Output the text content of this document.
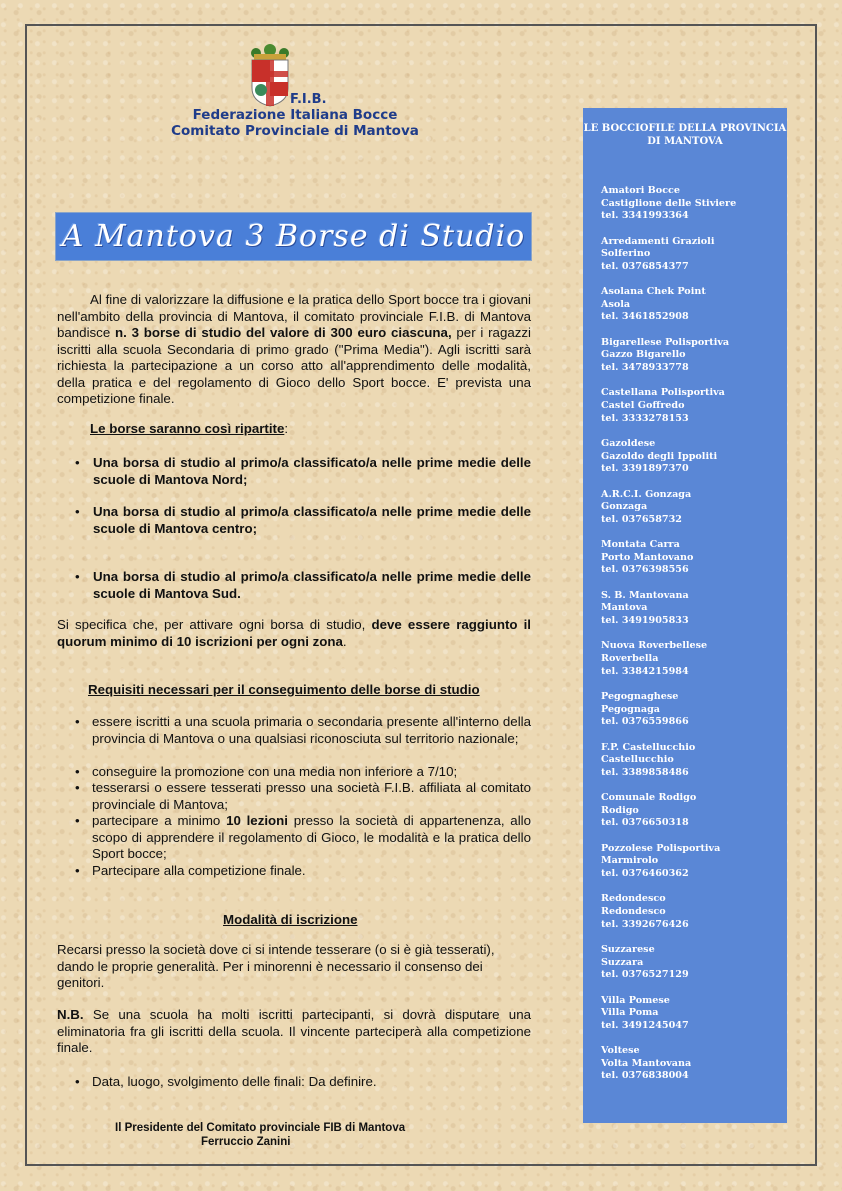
F.I.B.
Federazione Italiana Bocce
Comitato Provinciale di Mantova
A Mantova 3 Borse di Studio
Al fine di valorizzare la diffusione e la pratica dello Sport bocce tra i giovani nell'ambito della provincia di Mantova, il comitato provinciale F.I.B. di Mantova bandisce n. 3 borse di studio del valore di 300 euro ciascuna, per i ragazzi iscritti alla scuola Secondaria di primo grado ("Prima Media"). Agli iscritti sarà richiesta la partecipazione a un corso atto all'apprendimento delle modalità, della pratica e del regolamento di Gioco dello Sport bocce. E' prevista una competizione finale.
Le borse saranno così ripartite:
• Una borsa di studio al primo/a classificato/a nelle prime medie delle scuole di Mantova Nord;
• Una borsa di studio al primo/a classificato/a nelle prime medie delle scuole di Mantova centro;
• Una borsa di studio al primo/a classificato/a nelle prime medie delle scuole di Mantova Sud.
Si specifica che, per attivare ogni borsa di studio, deve essere raggiunto il quorum minimo di 10 iscrizioni per ogni zona.
Requisiti necessari per il conseguimento delle borse di studio
• essere iscritti a una scuola primaria o secondaria presente all'interno della provincia di Mantova o una qualsiasi riconosciuta sul territorio nazionale;
• conseguire la promozione con una media non inferiore a 7/10;
• tesserarsi o essere tesserati presso una società F.I.B. affiliata al comitato provinciale di Mantova;
• partecipare a minimo 10 lezioni presso la società di appartenenza, allo scopo di apprendere il regolamento di Gioco, le modalità e la pratica dello Sport bocce;
• Partecipare alla competizione finale.
Modalità di iscrizione
Recarsi presso la società dove ci si intende tesserare (o si è già tesserati), dando le proprie generalità. Per i minorenni è necessario il consenso dei genitori.
N.B. Se una scuola ha molti iscritti partecipanti, si dovrà disputare una eliminatoria fra gli iscritti della scuola. Il vincente parteciperà alla competizione finale.
• Data, luogo, svolgimento delle finali: Da definire.
Il Presidente del Comitato provinciale FIB di Mantova
Ferruccio Zanini
LE BOCCIOFILE DELLA PROVINCIA
DI MANTOVA
Amatori Bocce
Castiglione delle Stiviere
tel. 3341993364
Arredamenti Grazioli
Solferino
tel. 0376854377
Asolana Chek Point
Asola
tel. 3461852908
Bigarellese Polisportiva
Gazzo Bigarello
tel. 3478933778
Castellana Polisportiva
Castel Goffredo
tel. 3333278153
Gazoldese
Gazoldo degli Ippoliti
tel. 3391897370
A.R.C.I. Gonzaga
Gonzaga
tel. 037658732
Montata Carra
Porto Mantovano
tel. 0376398556
S. B. Mantovana
Mantova
tel. 3491905833
Nuova Roverbellese
Roverbella
tel. 3384215984
Pegognaghese
Pegognaga
tel. 0376559866
F.P. Castellucchio
Castellucchio
tel. 3389858486
Comunale Rodigo
Rodigo
tel. 0376650318
Pozzolese Polisportiva
Marmirolo
tel. 0376460362
Redondesco
Redondesco
tel. 3392676426
Suzzarese
Suzzara
tel. 0376527129
Villa Pomese
Villa Poma
tel. 3491245047
Voltese
Volta Mantovana
tel. 0376838004
